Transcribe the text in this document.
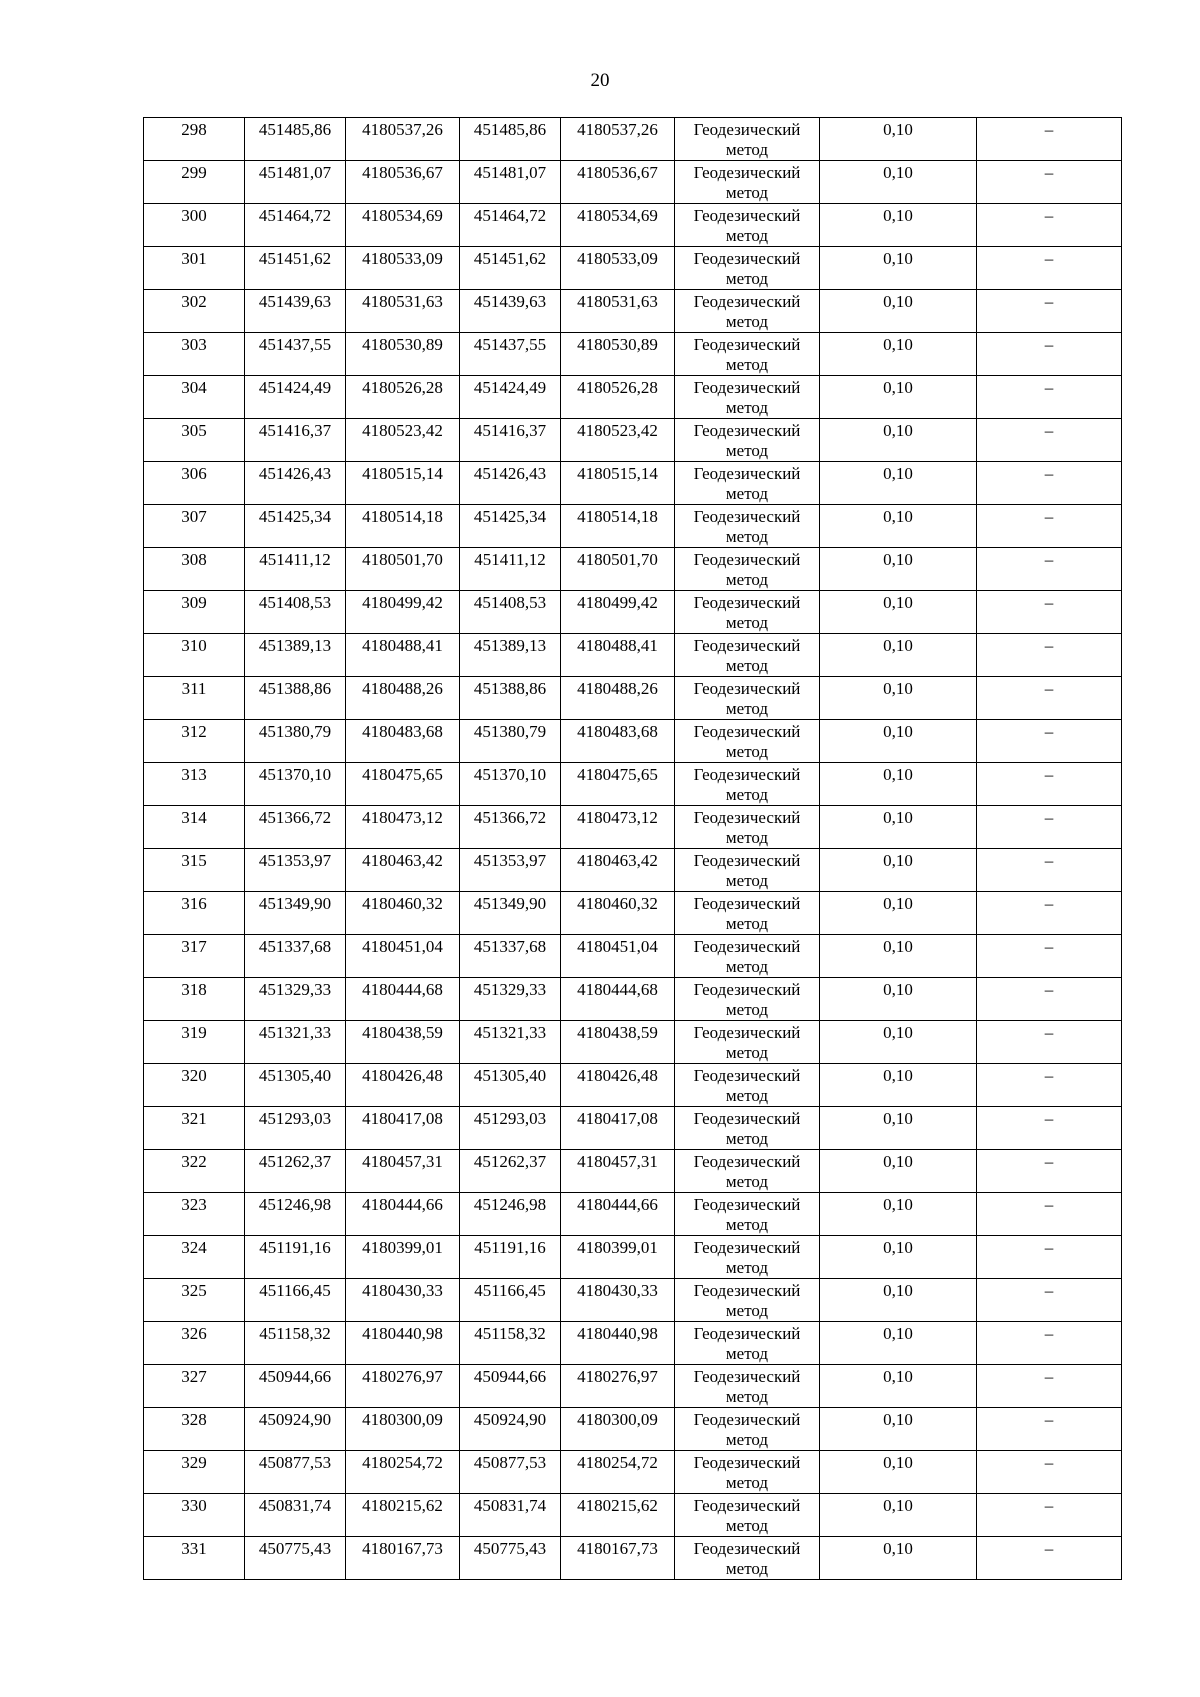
20
298	451485,86	4180537,26	451485,86	4180537,26	Геодезический метод	0,10	–
299	451481,07	4180536,67	451481,07	4180536,67	Геодезический метод	0,10	–
300	451464,72	4180534,69	451464,72	4180534,69	Геодезический метод	0,10	–
301	451451,62	4180533,09	451451,62	4180533,09	Геодезический метод	0,10	–
302	451439,63	4180531,63	451439,63	4180531,63	Геодезический метод	0,10	–
303	451437,55	4180530,89	451437,55	4180530,89	Геодезический метод	0,10	–
304	451424,49	4180526,28	451424,49	4180526,28	Геодезический метод	0,10	–
305	451416,37	4180523,42	451416,37	4180523,42	Геодезический метод	0,10	–
306	451426,43	4180515,14	451426,43	4180515,14	Геодезический метод	0,10	–
307	451425,34	4180514,18	451425,34	4180514,18	Геодезический метод	0,10	–
308	451411,12	4180501,70	451411,12	4180501,70	Геодезический метод	0,10	–
309	451408,53	4180499,42	451408,53	4180499,42	Геодезический метод	0,10	–
310	451389,13	4180488,41	451389,13	4180488,41	Геодезический метод	0,10	–
311	451388,86	4180488,26	451388,86	4180488,26	Геодезический метод	0,10	–
312	451380,79	4180483,68	451380,79	4180483,68	Геодезический метод	0,10	–
313	451370,10	4180475,65	451370,10	4180475,65	Геодезический метод	0,10	–
314	451366,72	4180473,12	451366,72	4180473,12	Геодезический метод	0,10	–
315	451353,97	4180463,42	451353,97	4180463,42	Геодезический метод	0,10	–
316	451349,90	4180460,32	451349,90	4180460,32	Геодезический метод	0,10	–
317	451337,68	4180451,04	451337,68	4180451,04	Геодезический метод	0,10	–
318	451329,33	4180444,68	451329,33	4180444,68	Геодезический метод	0,10	–
319	451321,33	4180438,59	451321,33	4180438,59	Геодезический метод	0,10	–
320	451305,40	4180426,48	451305,40	4180426,48	Геодезический метод	0,10	–
321	451293,03	4180417,08	451293,03	4180417,08	Геодезический метод	0,10	–
322	451262,37	4180457,31	451262,37	4180457,31	Геодезический метод	0,10	–
323	451246,98	4180444,66	451246,98	4180444,66	Геодезический метод	0,10	–
324	451191,16	4180399,01	451191,16	4180399,01	Геодезический метод	0,10	–
325	451166,45	4180430,33	451166,45	4180430,33	Геодезический метод	0,10	–
326	451158,32	4180440,98	451158,32	4180440,98	Геодезический метод	0,10	–
327	450944,66	4180276,97	450944,66	4180276,97	Геодезический метод	0,10	–
328	450924,90	4180300,09	450924,90	4180300,09	Геодезический метод	0,10	–
329	450877,53	4180254,72	450877,53	4180254,72	Геодезический метод	0,10	–
330	450831,74	4180215,62	450831,74	4180215,62	Геодезический метод	0,10	–
331	450775,43	4180167,73	450775,43	4180167,73	Геодезический метод	0,10	–
